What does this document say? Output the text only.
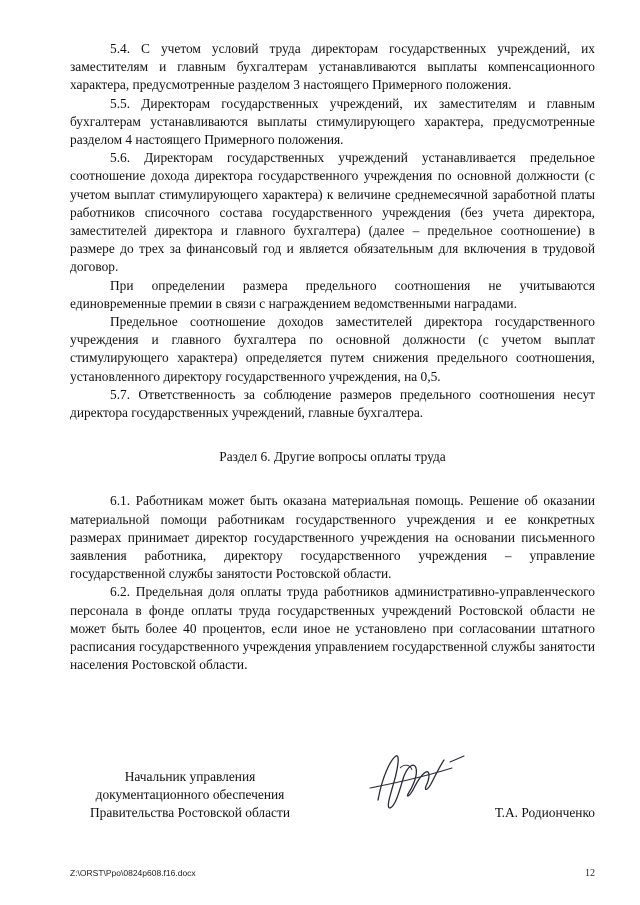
5.4. С учетом условий труда директорам государственных учреждений, их заместителям и главным бухгалтерам устанавливаются выплаты компенсационного характера, предусмотренные разделом 3 настоящего Примерного положения.

5.5. Директорам государственных учреждений, их заместителям и главным бухгалтерам устанавливаются выплаты стимулирующего характера, предусмотренные разделом 4 настоящего Примерного положения.

5.6. Директорам государственных учреждений устанавливается предельное соотношение дохода директора государственного учреждения по основной должности (с учетом выплат стимулирующего характера) к величине среднемесячной заработной платы работников списочного состава государственного учреждения (без учета директора, заместителей директора и главного бухгалтера) (далее – предельное соотношение) в размере до трех за финансовый год и является обязательным для включения в трудовой договор.

При определении размера предельного соотношения не учитываются единовременные премии в связи с награждением ведомственными наградами.

Предельное соотношение доходов заместителей директора государственного учреждения и главного бухгалтера по основной должности (с учетом выплат стимулирующего характера) определяется путем снижения предельного соотношения, установленного директору государственного учреждения, на 0,5.

5.7. Ответственность за соблюдение размеров предельного соотношения несут директора государственных учреждений, главные бухгалтера.

Раздел 6. Другие вопросы оплаты труда

6.1. Работникам может быть оказана материальная помощь. Решение об оказании материальной помощи работникам государственного учреждения и ее конкретных размерах принимает директор государственного учреждения на основании письменного заявления работника, директору государственного учреждения – управление государственной службы занятости Ростовской области.

6.2. Предельная доля оплаты труда работников административно-управленческого персонала в фонде оплаты труда государственных учреждений Ростовской области не может быть более 40 процентов, если иное не установлено при согласовании штатного расписания государственного учреждения управлением государственной службы занятости населения Ростовской области.

Начальник управления
документационного обеспечения
Правительства Ростовской области	Т.А. Родионченко
Z:\ORST\Ppo\0824p608.f16.docx	12
